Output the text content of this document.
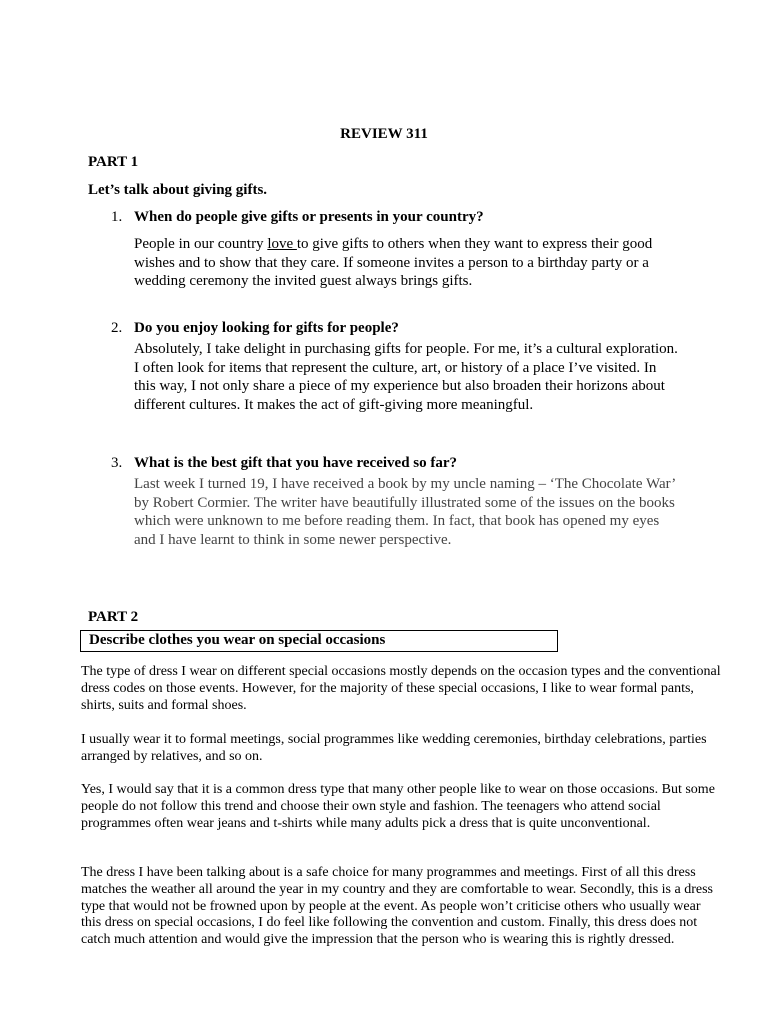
REVIEW 311
PART 1
Let’s talk about giving gifts.
1. When do people give gifts or presents in your country?
People in our country love to give gifts to others when they want to express their good wishes and to show that they care. If someone invites a person to a birthday party or a wedding ceremony the invited guest always brings gifts.
2. Do you enjoy looking for gifts for people?
Absolutely, I take delight in purchasing gifts for people. For me, it’s a cultural exploration. I often look for items that represent the culture, art, or history of a place I’ve visited. In this way, I not only share a piece of my experience but also broaden their horizons about different cultures. It makes the act of gift-giving more meaningful.
3. What is the best gift that you have received so far?
Last week I turned 19, I have received a book by my uncle naming – ‘The Chocolate War’ by Robert Cormier. The writer have beautifully illustrated some of the issues on the books which were unknown to me before reading them. In fact, that book has opened my eyes and I have learnt to think in some newer perspective.
PART 2
Describe clothes you wear on special occasions
The type of dress I wear on different special occasions mostly depends on the occasion types and the conventional dress codes on those events. However, for the majority of these special occasions, I like to wear formal pants, shirts, suits and formal shoes.
I usually wear it to formal meetings, social programmes like wedding ceremonies, birthday celebrations, parties arranged by relatives, and so on.
Yes, I would say that it is a common dress type that many other people like to wear on those occasions. But some people do not follow this trend and choose their own style and fashion. The teenagers who attend social programmes often wear jeans and t-shirts while many adults pick a dress that is quite unconventional.
The dress I have been talking about is a safe choice for many programmes and meetings. First of all this dress matches the weather all around the year in my country and they are comfortable to wear. Secondly, this is a dress type that would not be frowned upon by people at the event. As people won’t criticise others who usually wear this dress on special occasions, I do feel like following the convention and custom. Finally, this dress does not catch much attention and would give the impression that the person who is wearing this is rightly dressed.
